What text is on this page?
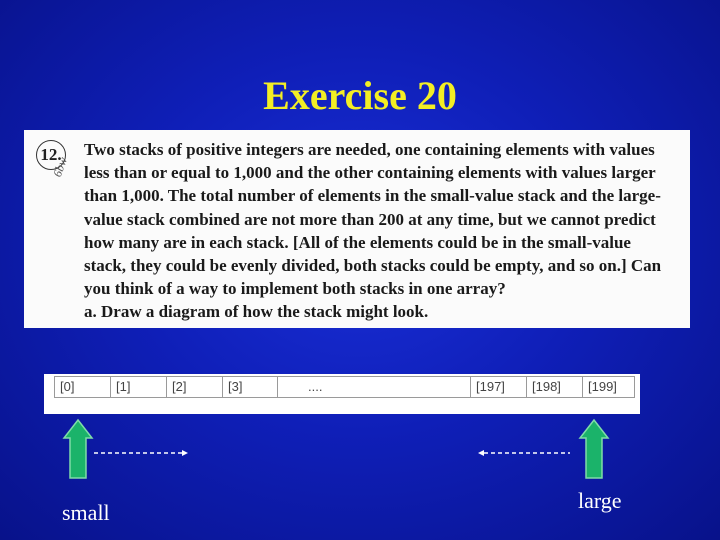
Exercise 20
12.
6bw
Two stacks of positive integers are needed, one containing elements with values
less than or equal to 1,000 and the other containing elements with values larger
than 1,000. The total number of elements in the small-value stack and the large-
value stack combined are not more than 200 at any time, but we cannot predict
how many are in each stack. [All of the elements could be in the small-value
stack, they could be evenly divided, both stacks could be empty, and so on.] Can
you think of a way to implement both stacks in one array?
a. Draw a diagram of how the stack might look.
[0]	[1]	[2]	[3]	....	[197]	[198]	[199]
small	large
